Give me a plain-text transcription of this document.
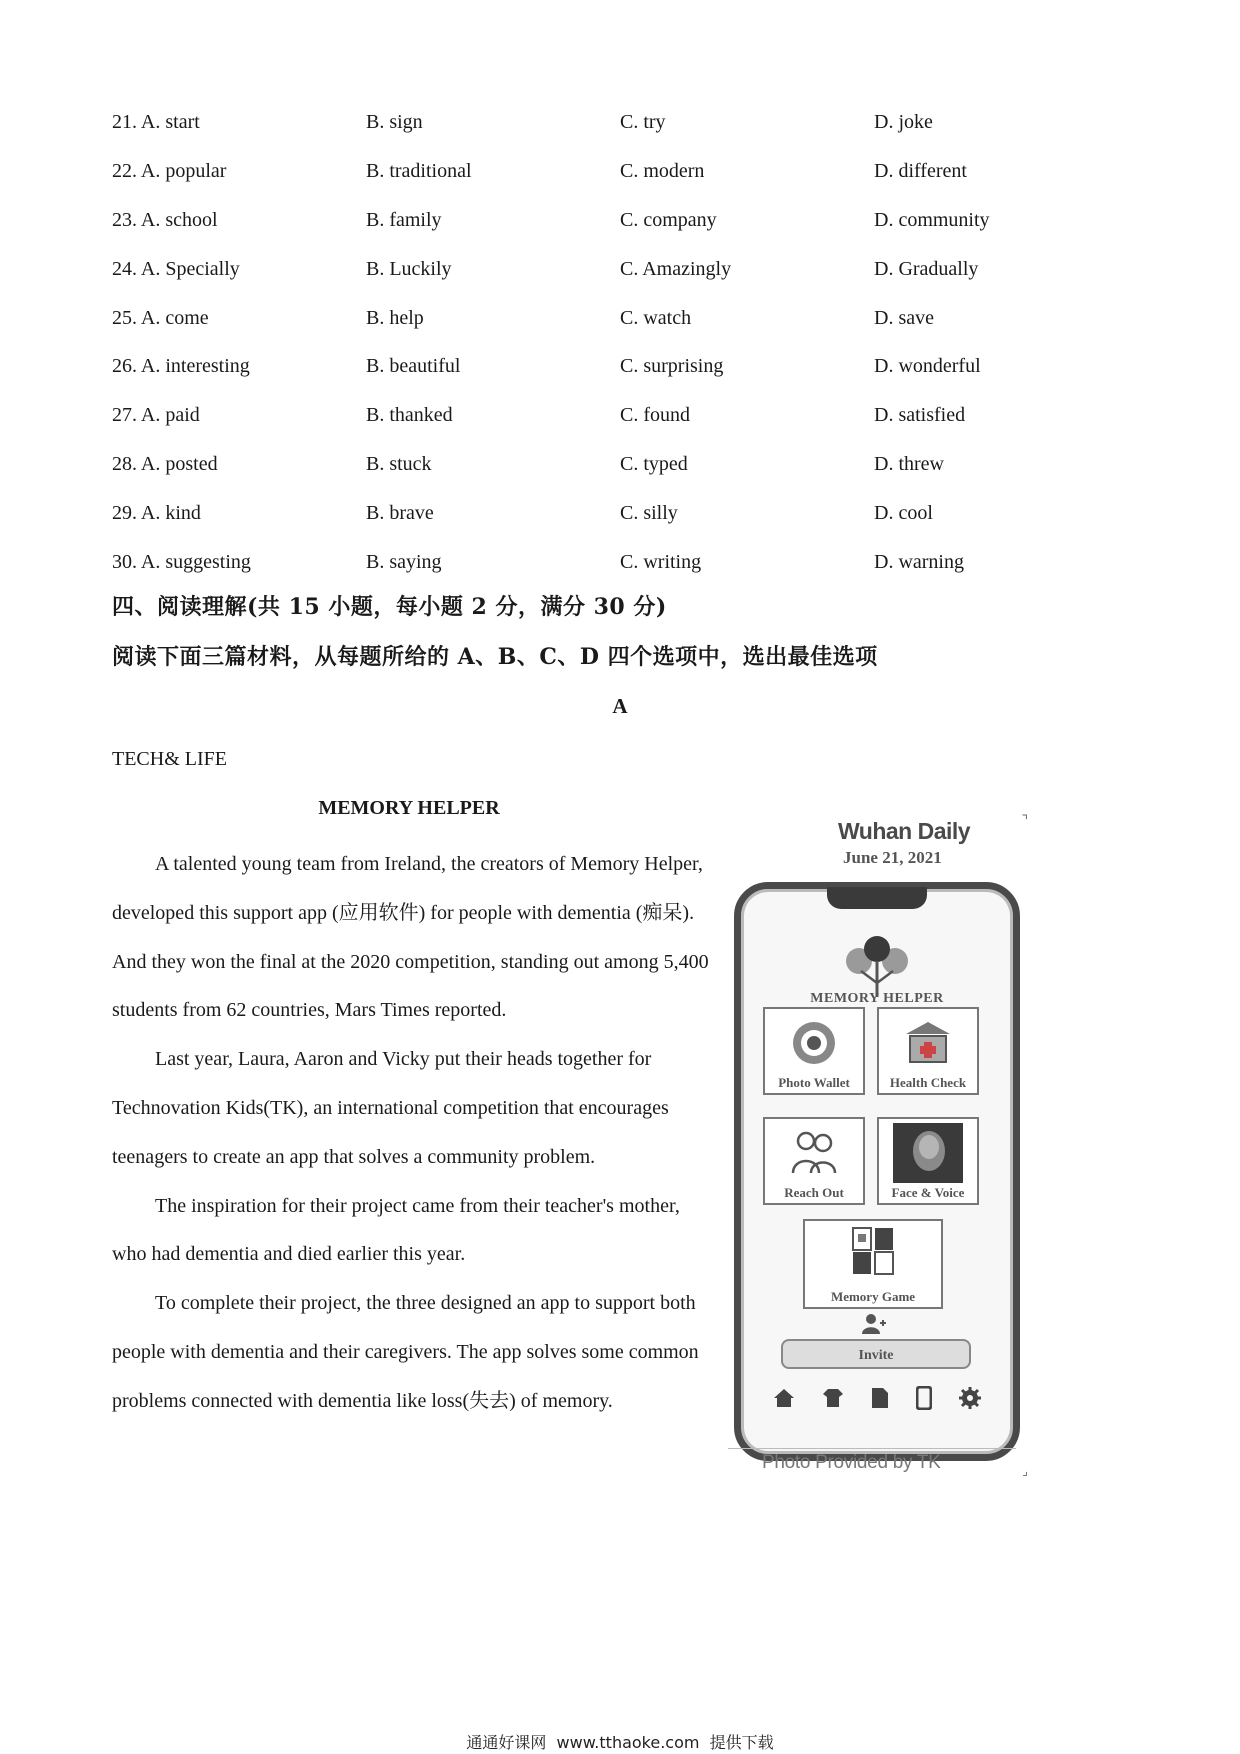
21. A. start	B. sign	C. try	D. joke
22. A. popular	B. traditional	C. modern	D. different
23. A. school	B. family	C. company	D. community
24. A. Specially	B. Luckily	C. Amazingly	D. Gradually
25. A. come	B. help	C. watch	D. save
26. A. interesting	B. beautiful	C. surprising	D. wonderful
27. A. paid	B. thanked	C. found	D. satisfied
28. A. posted	B. stuck	C. typed	D. threw
29. A. kind	B. brave	C. silly	D. cool
30. A. suggesting	B. saying	C. writing	D. warning
四、阅读理解(共 15 小题，每小题 2 分，满分 30 分)
阅读下面三篇材料，从每题所给的 A、B、C、D 四个选项中，选出最佳选项
A
TECH& LIFE
MEMORY HELPER

A talented young team from Ireland, the creators of Memory Helper, developed this support app (应用软件) for people with dementia (痴呆). And they won the final at the 2020 competition, standing out among 5,400 students from 62 countries, Mars Times reported.

Last year, Laura, Aaron and Vicky put their heads together for Technovation Kids(TK), an international competition that encourages teenagers to create an app that solves a community problem.

The inspiration for their project came from their teacher's mother, who had dementia and died earlier this year.

To complete their project, the three designed an app to support both people with dementia and their caregivers. The app solves some common problems connected with dementia like loss(失去) of memory.

⌝
Wuhan Daily
June 21, 2021
MEMORY HELPER
Photo Wallet	Health Check
Reach Out	Face & Voice
Memory Game
Invite
Photo Provided by TK	⌟
通通好课网  www.tthaoke.com  提供下载
